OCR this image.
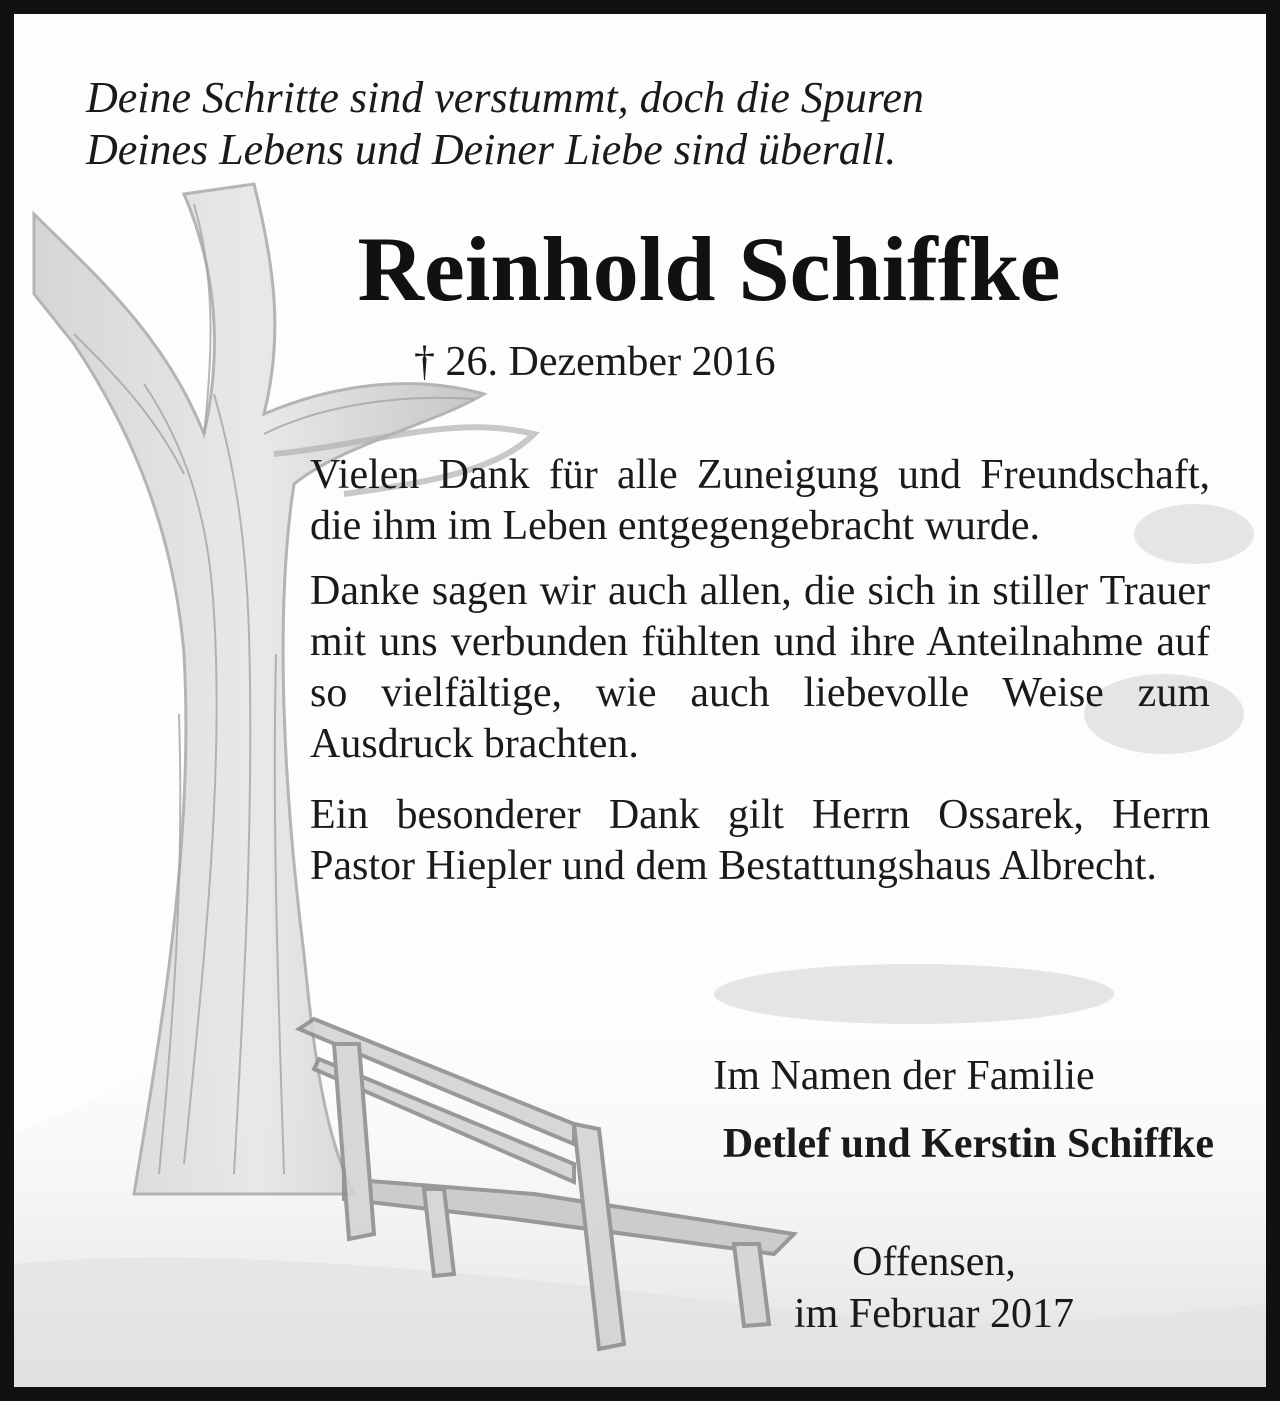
Deine Schritte sind verstummt, doch die Spuren
Deines Lebens und Deiner Liebe sind überall.
Reinhold Schiffke

† 26. Dezember 2016

Vielen Dank für alle Zuneigung und Freundschaft, die ihm im Leben entgegengebracht wurde.

Danke sagen wir auch allen, die sich in stiller Trauer mit uns verbunden fühlten und ihre Anteilnahme auf so vielfältige, wie auch liebevolle Weise zum Ausdruck brachten.

Ein besonderer Dank gilt Herrn Ossarek, Herrn Pastor Hiepler und dem Bestattungshaus Albrecht.

Im Namen der Familie

Detlef und Kerstin Schiffke

Offensen,
im Februar 2017
